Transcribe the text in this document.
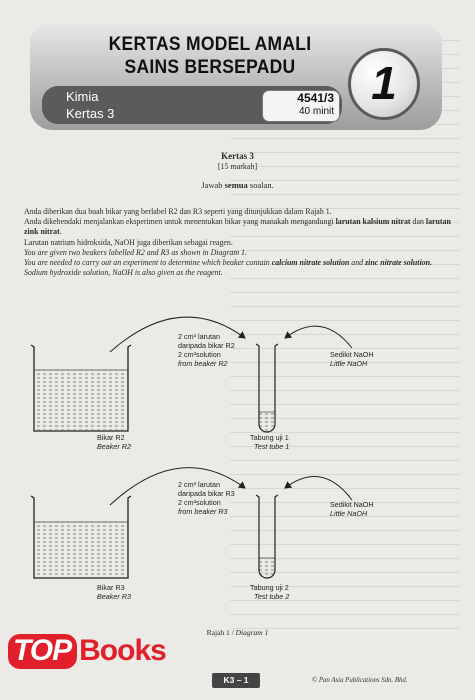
KERTAS MODEL AMALI
SAINS BERSEPADU
Kimia
Kertas 3
4541/3
40 minit
1
Kertas 3
[15 markah]
Jawab semua soalan.

Anda diberikan dua buah bikar yang berlabel R2 dan R3 seperti yang ditunjukkan dalam Rajah 1.

Anda dikehendaki menjalankan eksperimen untuk menentukan bikar yang manakah mengandungi larutan kalsium nitrat dan larutan zink nitrat.

Larutan natrium hidroksida, NaOH juga diberikan sebagai reagen.

You are given two beakers labelled R2 and R3 as shown in Diagram 1.

You are needed to carry out an experiment to determine which beaker contain calcium nitrate solution and zinc nitrate solution.

Sodium hydroxide solution, NaOH is also given as the reagent.

2 cm³ larutan
daripada bikar R2
2 cm³solution
from beaker R2
Sedikit NaOH
Little NaOH
Bikar R2
Beaker R2
Tabung uji 1
Test tube 1
2 cm³ larutan
daripada bikar R3
2 cm³solution
from beaker R3
Sedikit NaOH
Little NaOH
Bikar R3
Beaker R3
Tabung uji 2
Test tube 2
Rajah 1 / Diagram 1
TOP Books
K3 – 1	© Pan Asia Publications Sdn. Bhd.
